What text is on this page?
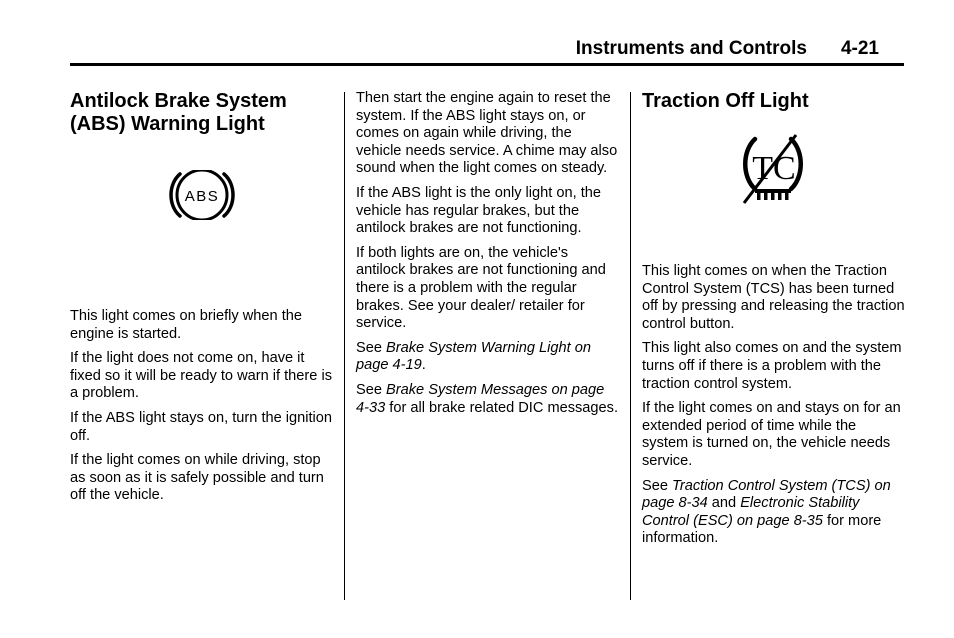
Instruments and Controls 4-21
Antilock Brake System (ABS) Warning Light
ABS

This light comes on briefly when the engine is started.

If the light does not come on, have it fixed so it will be ready to warn if there is a problem.

If the ABS light stays on, turn the ignition off.

If the light comes on while driving, stop as soon as it is safely possible and turn off the vehicle.

Then start the engine again to reset the system. If the ABS light stays on, or comes on again while driving, the vehicle needs service. A chime may also sound when the light comes on steady.

If the ABS light is the only light on, the vehicle has regular brakes, but the antilock brakes are not functioning.

If both lights are on, the vehicle's antilock brakes are not functioning and there is a problem with the regular brakes. See your dealer/ retailer for service.

See Brake System Warning Light on page 4-19.

See Brake System Messages on page 4-33 for all brake related DIC messages.

Traction Off Light
TC

This light comes on when the Traction Control System (TCS) has been turned off by pressing and releasing the traction control button.

This light also comes on and the system turns off if there is a problem with the traction control system.

If the light comes on and stays on for an extended period of time while the system is turned on, the vehicle needs service.

See Traction Control System (TCS) on page 8-34 and Electronic Stability Control (ESC) on page 8-35 for more information.
